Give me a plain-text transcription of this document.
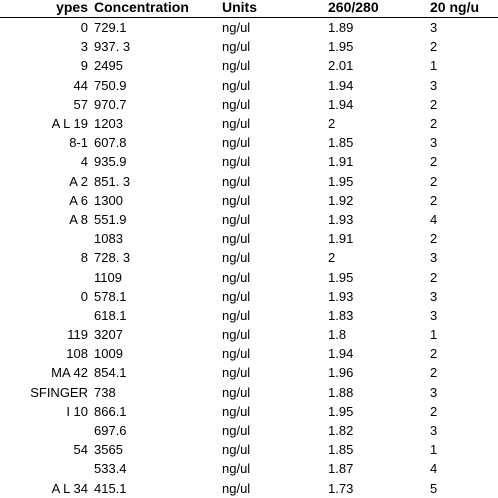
ypes	Concentration	Units	260/280	20 ng/u
0	729.1	ng/ul	1.89	3
3	937. 3	ng/ul	1.95	2
9	2495	ng/ul	2.01	1
44	750.9	ng/ul	1.94	3
57	970.7	ng/ul	1.94	2
A L 19	1203	ng/ul	2	2
8-1	607.8	ng/ul	1.85	3
4	935.9	ng/ul	1.91	2
A 2	851. 3	ng/ul	1.95	2
A 6	1300	ng/ul	1.92	2
A 8	551.9	ng/ul	1.93	4
	1083	ng/ul	1.91	2
8	728. 3	ng/ul	2	3
	1109	ng/ul	1.95	2
0	578.1	ng/ul	1.93	3
	618.1	ng/ul	1.83	3
119	3207	ng/ul	1.8	1
108	1009	ng/ul	1.94	2
MA 42	854.1	ng/ul	1.96	2
SFINGER	738	ng/ul	1.88	3
I 10	866.1	ng/ul	1.95	2
	697.6	ng/ul	1.82	3
54	3565	ng/ul	1.85	1
	533.4	ng/ul	1.87	4
A L 34	415.1	ng/ul	1.73	5
